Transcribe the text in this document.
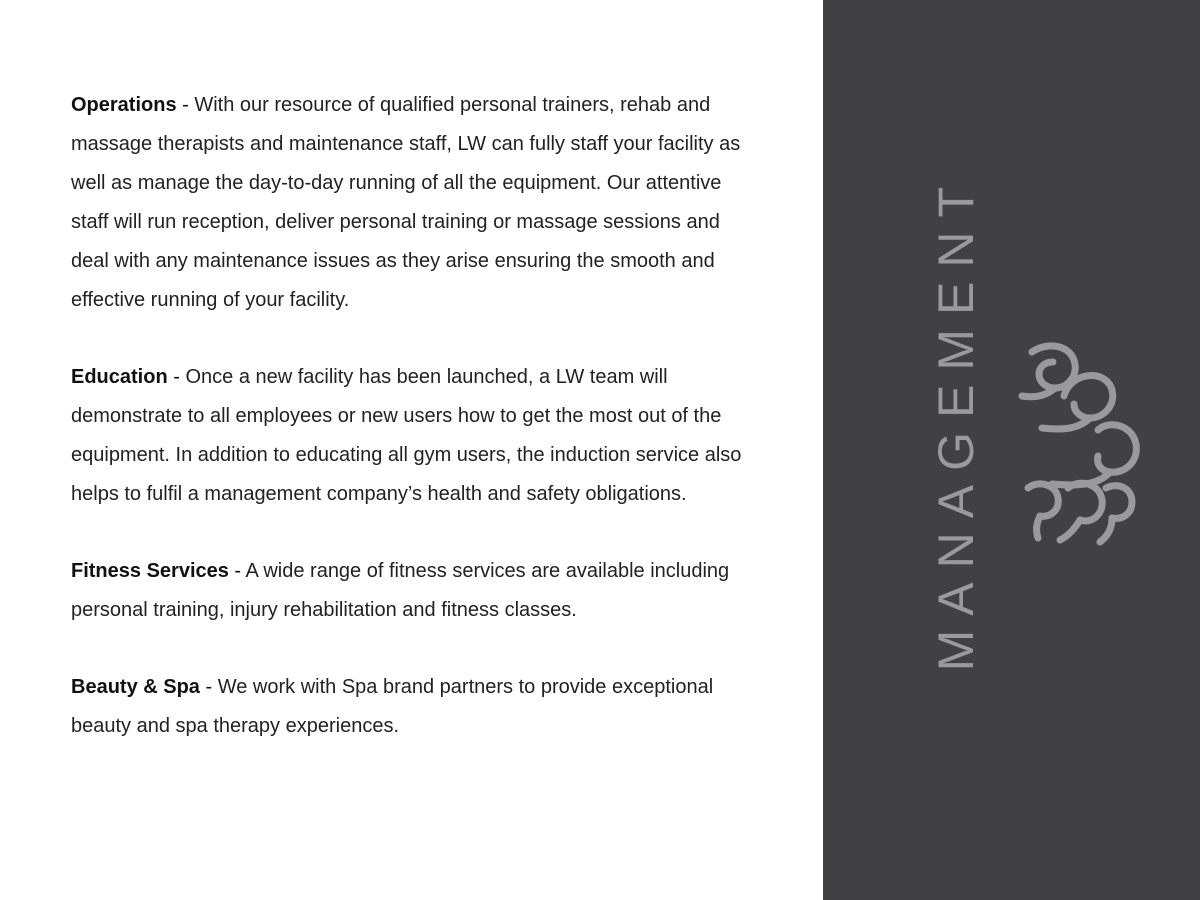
Operations - With our resource of qualified personal trainers, rehab and massage therapists and maintenance staff, LW can fully staff your facility as well as manage the day-to-day running of all the equipment. Our attentive staff will run reception, deliver personal training or massage sessions and deal with any maintenance issues as they arise ensuring the smooth and effective running of your facility.

Education - Once a new facility has been launched, a LW team will demonstrate to all employees or new users how to get the most out of the equipment. In addition to educating all gym users, the induction service also helps to fulfil a management company’s health and safety obligations.

Fitness Services - A wide range of fitness services are available including personal training, injury rehabilitation and fitness classes.

Beauty & Spa - We work with Spa brand partners to provide exceptional beauty and spa therapy experiences.

MANAGEMENT
